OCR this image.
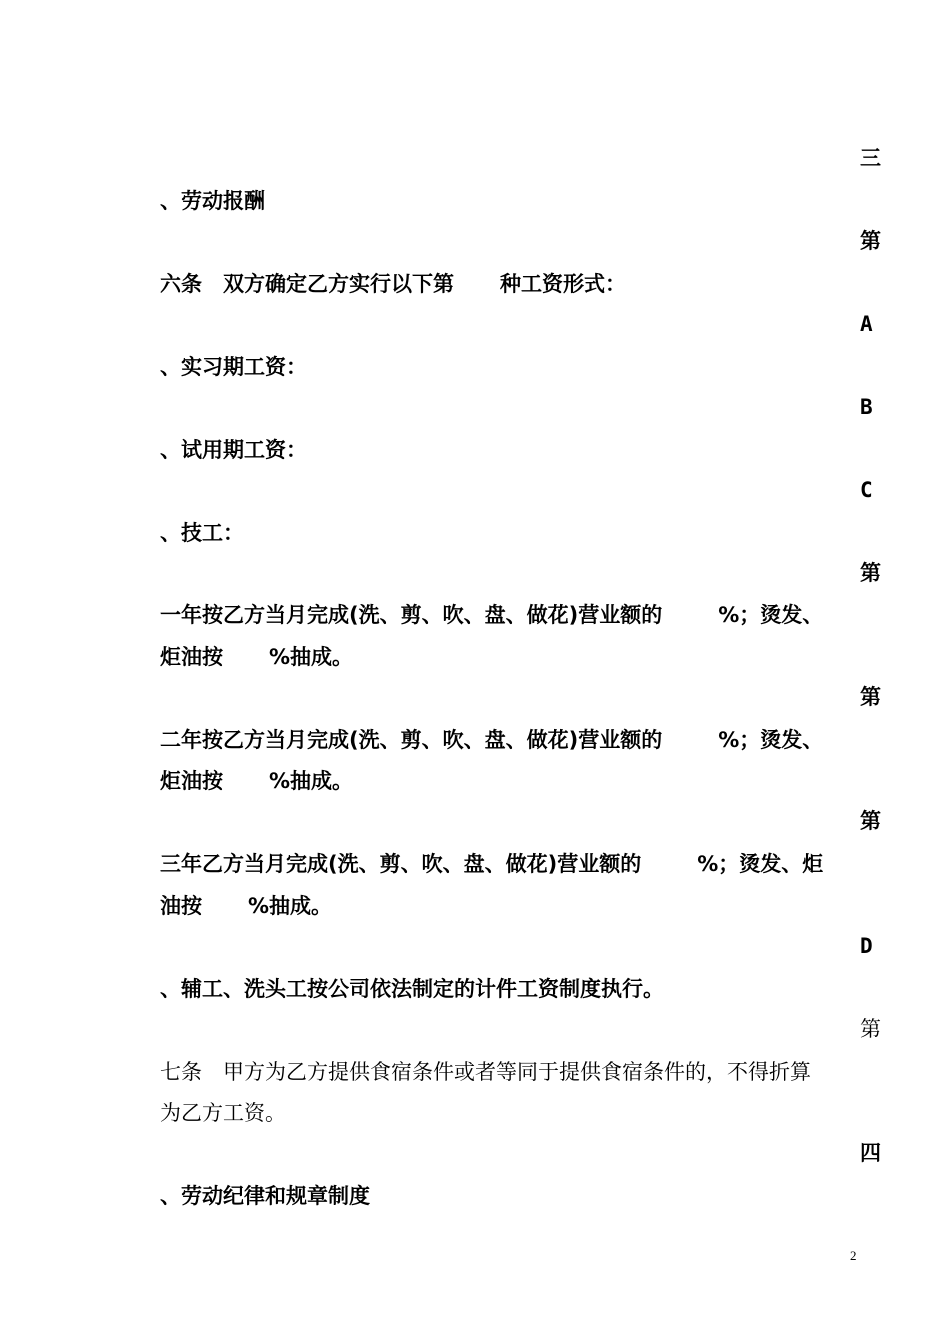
三
第
A
B
C
第
第
第
D
第
四
、劳动报酬
六条　双方确定乙方实行以下第 种工资形式：
、实习期工资：
、试用期工资：
、技工：
一年按乙方当月完成(洗、剪、吹、盘、做花)营业额的	%；烫发、
炬油按 %抽成。
二年按乙方当月完成(洗、剪、吹、盘、做花)营业额的	%；烫发、
炬油按 %抽成。
三年乙方当月完成(洗、剪、吹、盘、做花)营业额的	%；烫发、炬
油按 %抽成。
、辅工、洗头工按公司依法制定的计件工资制度执行。
七条　甲方为乙方提供食宿条件或者等同于提供食宿条件的，不得折算
为乙方工资。
、劳动纪律和规章制度
2
